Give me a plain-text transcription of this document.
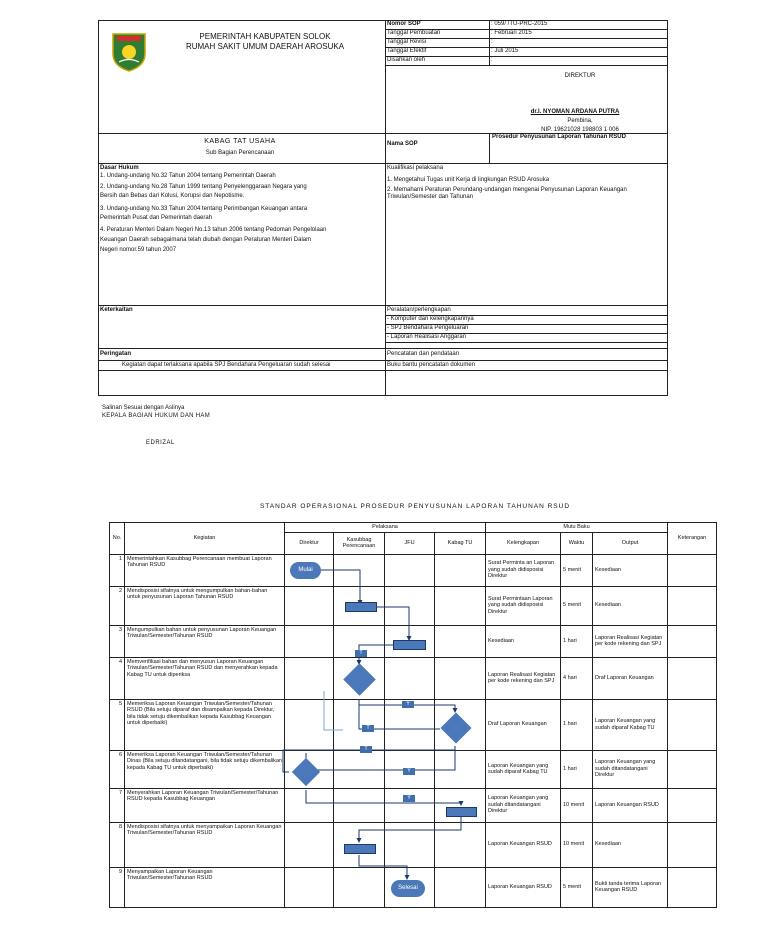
PEMERINTAH KABUPATEN SOLOK
RUMAH SAKIT UMUM DAERAH AROSUKA
Nomor SOP	: 059/ /TU-PRC-2015
Tanggal Pembuatan	: Februari 2015
Tanggal Revisi	:
Tanggal Efektif	: Juli 2015
Disahkan oleh	:
DIREKTUR
dr.I. NYOMAN ARDANA PUTRA
Pembina,
NIP. 19621028 198803 1 006
KABAG TAT USAHA
Sub Bagian Perencanaan
Nama SOP
Prosedur Penyusunan Laporan Tahunan RSUD
Dasar Hukum
1. Undang-undang No.32 Tahun 2004 tentang Pemerintah Daerah
2. Undang-undang No.28 Tahun 1999 tentang Penyelenggaraan Negara yang
Bersih dan Bebas dari Kolusi, Korupsi dan Nepotisme.
3. Undang-undang No.33 Tahun 2004 tentang Perimbangan Keuangan antara
Pemerintah Pusat dan Pemerintah daerah
4. Peraturan Menteri Dalam Negeri No.13 tahun 2006 tentang Pedoman Pengelolaan
Keuangan Daerah sebagaimana telah diubah dengan Peraturan Menteri Dalam
Negeri nomor.59 tahun 2007
Kualifikasi pelaksana
1. Mengetahui Tugas unit Kerja di lingkungan RSUD Arosuka
2. Memahami Peraturan Perundang-undangan mengenai Penyusunan Laporan Keuangan
Triwulan/Semester dan Tahunan
Keterkaitan	Peralatan/perlengkapan
- Komputer dan kelengkapannya
- SPJ Bendahara Pengeluaran
- Laporan Realisasi Anggaran
Peringatan
Kegiatan dapat terlaksana apabila SPJ Bendahara Pengeluaran sudah selesai
Pencatatan dan pendataan
Buku bantu pencatatan dokumen
Salinan Sesuai dengan Aslinya
KEPALA BAGIAN HUKUM DAN HAM
EDRIZAL
STANDAR OPERASIONAL PROSEDUR PENYUSUNAN LAPORAN TAHUNAN RSUD
No.	Kegiatan	Pelaksana				Mutu Baku			Keterangan
		Direktur	Kasubbag Perencanaan	JFU	Kabag TU	Kelengkapan	Waktu	Output	
1	Memerintahkan Kasubbag Perencanaan membuat Laporan Tahunan RSUD					Surat Perminta an Laporan yang sudah didisposisi Direktur	5 menit	Kesediaan	
2	Mendisposisi sifatnya untuk mengumpulkan bahan-bahan untuk penyusunan Laporan Tahunan RSUD					Surat Permintaan Laporan yang sudah didisposisi Direktur	5 menit	Kesediaan	
3	Mengumpulkan bahan untuk penyusunan Laporan Keuangan Triwulan/Semester/Tahunan RSUD					Kesediaan	1 hari	Laporan Realisasi Kegiatan per kode rekening dan SPJ	
4	Memverifikasi bahan dan menyusun Laporan Keuangan Triwulan/Semester/Tahunan RSUD dan menyerahkan kepada Kabag TU untuk diperiksa					Laporan Realisasi Kegiatan per kode rekening dan SPJ	4 hari	Draf Laporan Keuangan	
5	Memeriksa Laporan Keuangan Triwulan/Semester/Tahunan RSUD (Bila setuju diparaf dan disampaikan kepada Direktur, bila tidak setuju dikembalikan kepada Kasubbag Keuangan untuk diperbaiki)					Draf Laporan Keuangan	1 hari	Laporan Keuangan yang sudah diparaf Kabag TU	
6	Memeriksa Laporan Keuangan Triwulan/Semester/Tahunan Dinas (Bila setuju ditandatangani, bila tidak setuju dikembalikan kepada Kabag TU untuk diperbaiki)					Laporan Keuangan yang sudah diparaf Kabag TU	1 hari	Laporan Keuangan yang sudah ditandatangani Direktur	
7	Menyerahkan Laporan Keuangan Triwulan/Semester/Tahunan RSUD kepada Kasubbag Keuangan					Laporan Keuangan yang sudah ditandatangani Direktur	10 menit	Laporan Keuangan RSUD	
8	Mendisposisi sifatnya untuk menyampaikan Laporan Keuangan Triwulan/Semester/Tahunan RSUD					Laporan Keuangan RSUD	10 menit	Kesediaan	
9	Menyampaikan Laporan Keuangan Triwulan/Semester/Tahunan RSUD					Laporan Keuangan RSUD	5 menit	Bukti tanda terima Laporan Keuangan RSUD	
Mulai
Selesai
T
Y
T
T
Y
Y
